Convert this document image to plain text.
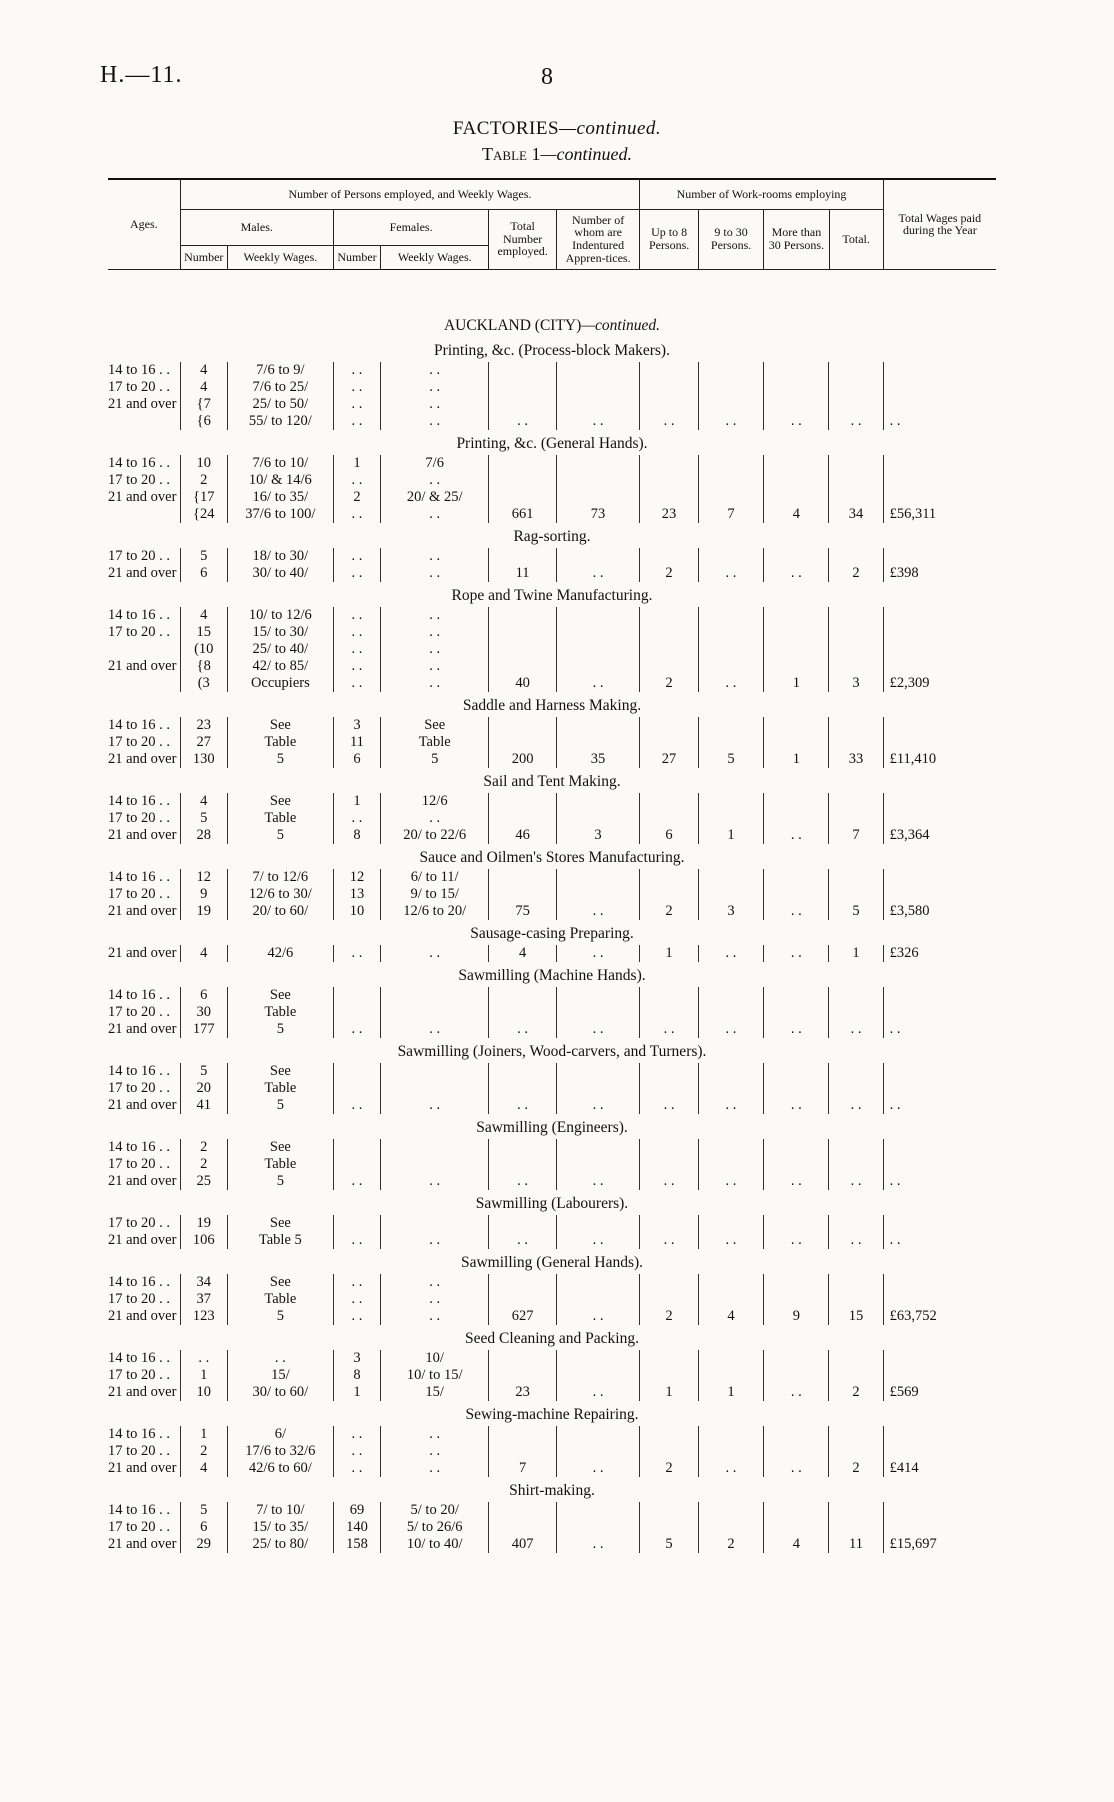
H.—11.	8
FACTORIES—continued.
Table 1—continued.
Ages.	Number of Persons employed, and Weekly Wages.						Number of Work-rooms employing				Total Wages paid during the Year
	Males.		Females.		Total Number employed.	Number of whom are Indentured Appren-tices.	Up to 8 Persons.	9 to 30 Persons.	More than 30 Persons.	Total.	
	Number	Weekly Wages.	Number	Weekly Wages.							
AUCKLAND (CITY)—continued.											
Printing, &c. (Process-block Makers).											
14 to 16 . .	4	7/6 to 9/	. .	. .							
17 to 20 . .	4	7/6 to 25/	. .	. .							
21 and over	{7	25/ to 50/	. .	. .							
	{6	55/ to 120/	. .	. .	. .	. .	. .	. .	. .	. .	. .
Printing, &c. (General Hands).											
14 to 16 . .	10	7/6 to 10/	1	7/6							
17 to 20 . .	2	10/ & 14/6	. .	. .							
21 and over	{17	16/ to 35/	2	20/ & 25/							
	{24	37/6 to 100/	. .	. .	661	73	23	7	4	34	£56,311
Rag-sorting.											
17 to 20 . .	5	18/ to 30/	. .	. .							
21 and over	6	30/ to 40/	. .	. .	11	. .	2	. .	. .	2	£398
Rope and Twine Manufacturing.											
14 to 16 . .	4	10/ to 12/6	. .	. .							
17 to 20 . .	15	15/ to 30/	. .	. .							
	(10	25/ to 40/	. .	. .							
21 and over	{8	42/ to 85/	. .	. .							
	(3	Occupiers	. .	. .	40	. .	2	. .	1	3	£2,309
Saddle and Harness Making.											
14 to 16 . .	23	See	3	See							
17 to 20 . .	27	Table	11	Table							
21 and over	130	5	6	5	200	35	27	5	1	33	£11,410
Sail and Tent Making.											
14 to 16 . .	4	See	1	12/6							
17 to 20 . .	5	Table	. .	. .							
21 and over	28	5	8	20/ to 22/6	46	3	6	1	. .	7	£3,364
Sauce and Oilmen's Stores Manufacturing.											
14 to 16 . .	12	7/ to 12/6	12	6/ to 11/							
17 to 20 . .	9	12/6 to 30/	13	9/ to 15/							
21 and over	19	20/ to 60/	10	12/6 to 20/	75	. .	2	3	. .	5	£3,580
Sausage-casing Preparing.											
21 and over	4	42/6	. .	. .	4	. .	1	. .	. .	1	£326
Sawmilling (Machine Hands).											
14 to 16 . .	6	See									
17 to 20 . .	30	Table									
21 and over	177	5	. .	. .	. .	. .	. .	. .	. .	. .	. .
Sawmilling (Joiners, Wood-carvers, and Turners).											
14 to 16 . .	5	See									
17 to 20 . .	20	Table									
21 and over	41	5	. .	. .	. .	. .	. .	. .	. .	. .	. .
Sawmilling (Engineers).											
14 to 16 . .	2	See									
17 to 20 . .	2	Table									
21 and over	25	5	. .	. .	. .	. .	. .	. .	. .	. .	. .
Sawmilling (Labourers).											
17 to 20 . .	19	See									
21 and over	106	Table 5	. .	. .	. .	. .	. .	. .	. .	. .	. .
Sawmilling (General Hands).											
14 to 16 . .	34	See	. .	. .							
17 to 20 . .	37	Table	. .	. .							
21 and over	123	5	. .	. .	627	. .	2	4	9	15	£63,752
Seed Cleaning and Packing.											
14 to 16 . .	. .	. .	3	10/							
17 to 20 . .	1	15/	8	10/ to 15/							
21 and over	10	30/ to 60/	1	15/	23	. .	1	1	. .	2	£569
Sewing-machine Repairing.											
14 to 16 . .	1	6/	. .	. .							
17 to 20 . .	2	17/6 to 32/6	. .	. .							
21 and over	4	42/6 to 60/	. .	. .	7	. .	2	. .	. .	2	£414
Shirt-making.											
14 to 16 . .	5	7/ to 10/	69	5/ to 20/							
17 to 20 . .	6	15/ to 35/	140	5/ to 26/6							
21 and over	29	25/ to 80/	158	10/ to 40/	407	. .	5	2	4	11	£15,697
